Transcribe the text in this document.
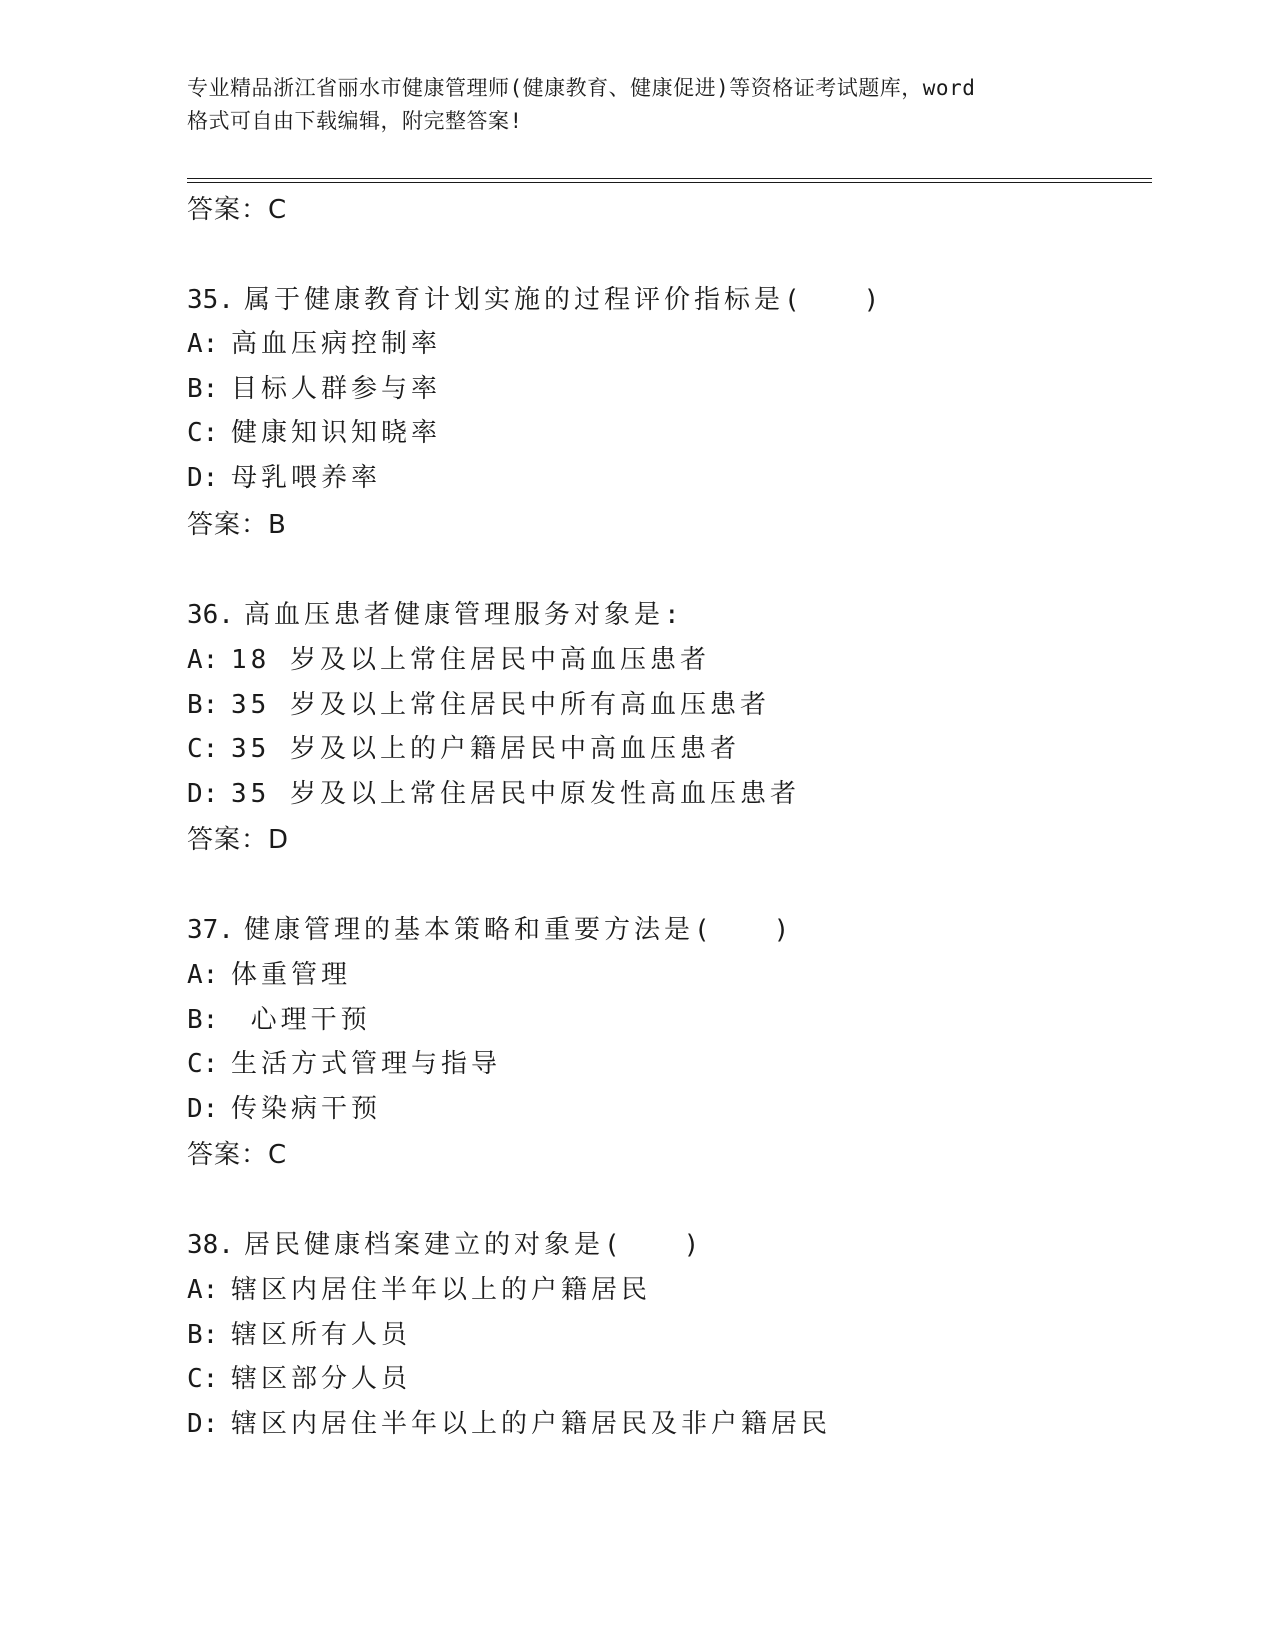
专业精品浙江省丽水市健康管理师(健康教育、健康促进)等资格证考试题库，word
格式可自由下载编辑，附完整答案!
答案：C
35. 属于健康教育计划实施的过程评价指标是(　　)
A: 高血压病控制率
B: 目标人群参与率
C: 健康知识知晓率
D: 母乳喂养率
答案：B
36. 高血压患者健康管理服务对象是:
A: 18 岁及以上常住居民中高血压患者
B: 35 岁及以上常住居民中所有高血压患者
C: 35 岁及以上的户籍居民中高血压患者
D: 35 岁及以上常住居民中原发性高血压患者
答案：D
37. 健康管理的基本策略和重要方法是(　　)
A: 体重管理
B: 心理干预
C: 生活方式管理与指导
D: 传染病干预
答案：C
38. 居民健康档案建立的对象是(　　)
A: 辖区内居住半年以上的户籍居民
B: 辖区所有人员
C: 辖区部分人员
D: 辖区内居住半年以上的户籍居民及非户籍居民
